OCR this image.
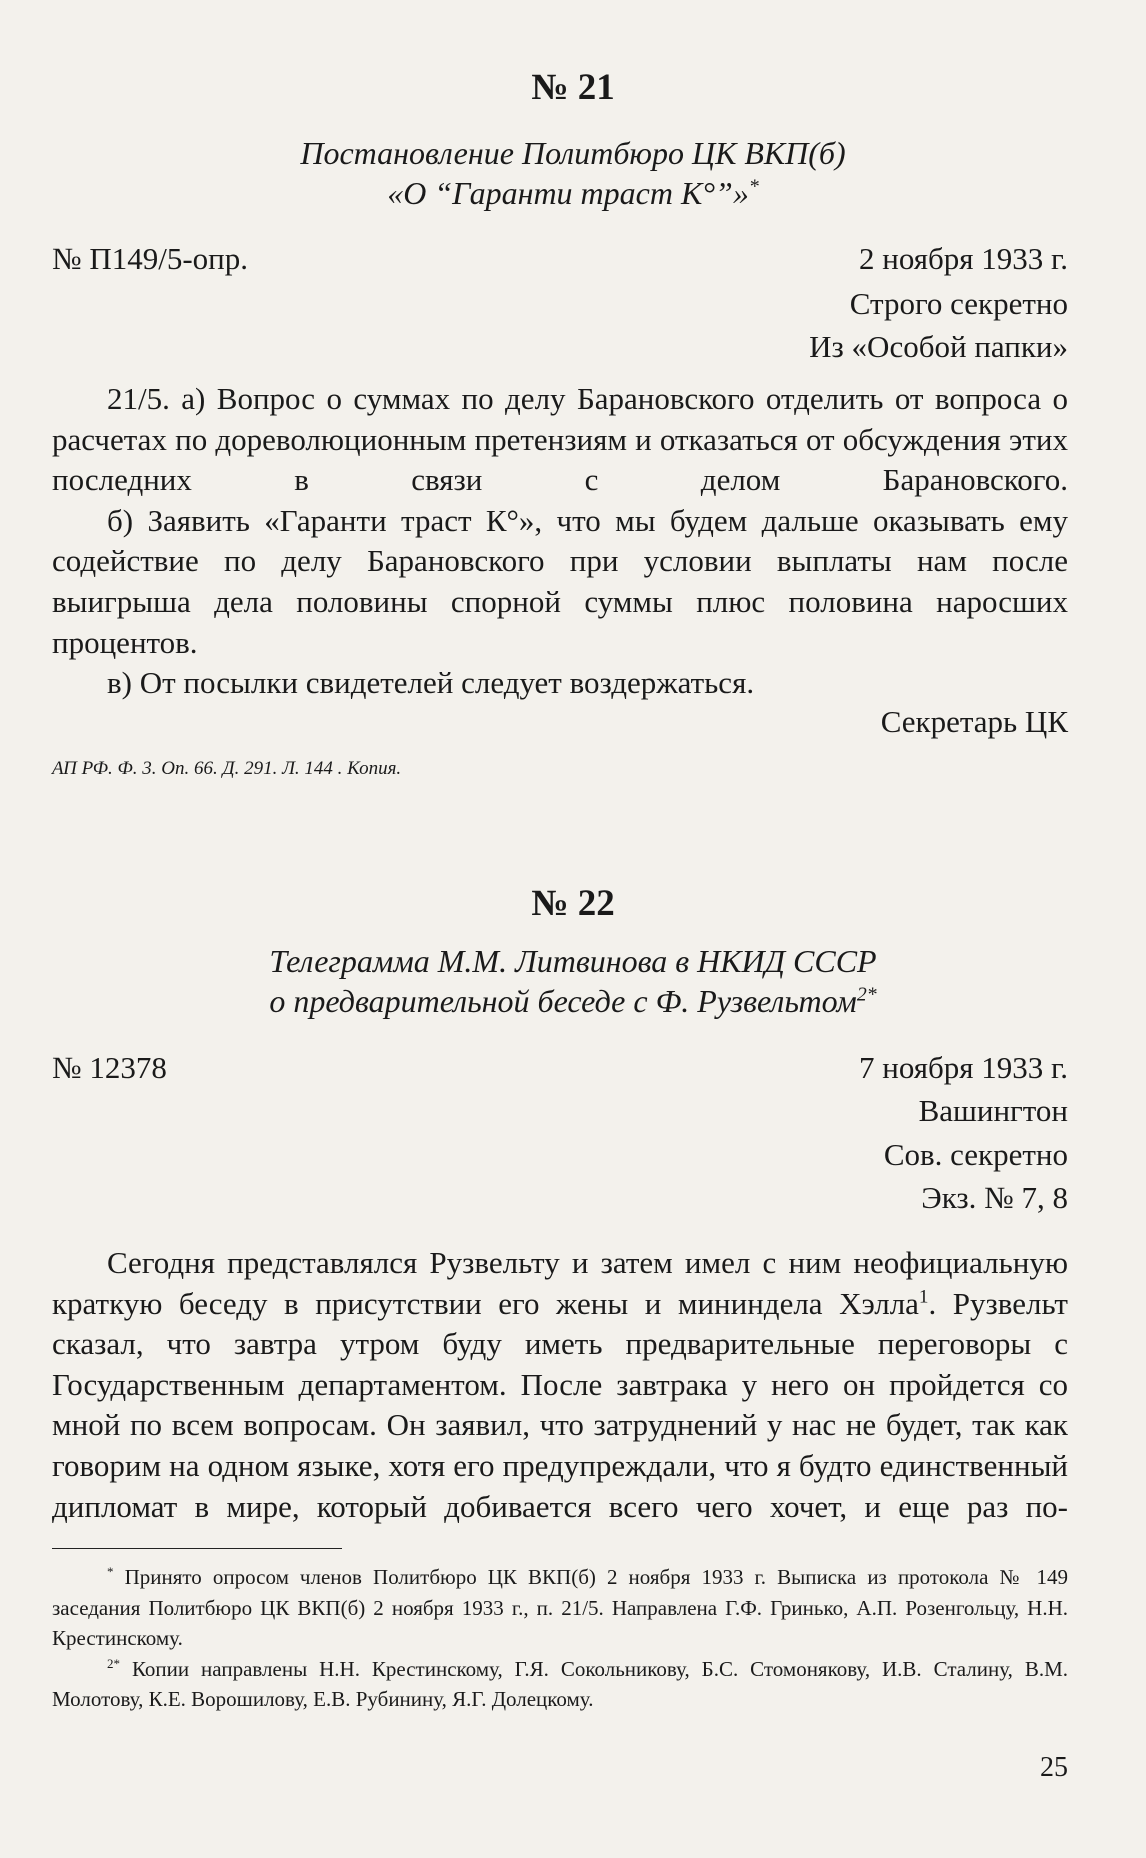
№ 21
Постановление Политбюро ЦК ВКП(б)
«О “Гаранти траст К°”»*
№ П149/5-опр.	2 ноября 1933 г.
Строго секретно
Из «Особой папки»

21/5. а) Вопрос о суммах по делу Барановского отделить от вопроса о расчетах по дореволюционным претензиям и отказаться от обсуждения этих последних в связи с делом Барановского.

б) Заявить «Гаранти траст К°», что мы будем дальше оказывать ему содействие по делу Барановского при условии выплаты нам после выигрыша дела половины спорной суммы плюс половина наросших процентов.

в) От посылки свидетелей следует воздержаться.

Секретарь ЦК
АП РФ. Ф. 3. Оп. 66. Д. 291. Л. 144 . Копия.
№ 22
Телеграмма М.М. Литвинова в НКИД СССР
о предварительной беседе с Ф. Рузвельтом$^{2*}$
№ 12378	7 ноября 1933 г.
Вашингтон
Сов. секретно
Экз. № 7, 8

Сегодня представлялся Рузвельту и затем имел с ним неофициальную краткую беседу в присутствии его жены и мининдела Хэлла$^1$. Рузвельт сказал, что завтра утром буду иметь предварительные переговоры с Государственным департаментом. После завтрака у него он пройдется со мной по всем вопросам. Он заявил, что затруднений у нас не будет, так как говорим на одном языке, хотя его предупреждали, что я будто единственный дипломат в мире, который добивается всего чего хочет, и еще раз по-

* Принято опросом членов Политбюро ЦК ВКП(б) 2 ноября 1933 г. Выписка из протокола № 149 заседания Политбюро ЦК ВКП(б) 2 ноября 1933 г., п. 21/5. Направлена Г.Ф. Гринько, А.П. Розенгольцу, Н.Н. Крестинскому.

$^{2*}$ Копии направлены Н.Н. Крестинскому, Г.Я. Сокольникову, Б.С. Стомонякову, И.В. Сталину, В.М. Молотову, К.Е. Ворошилову, Е.В. Рубинину, Я.Г. Долецкому.

25
